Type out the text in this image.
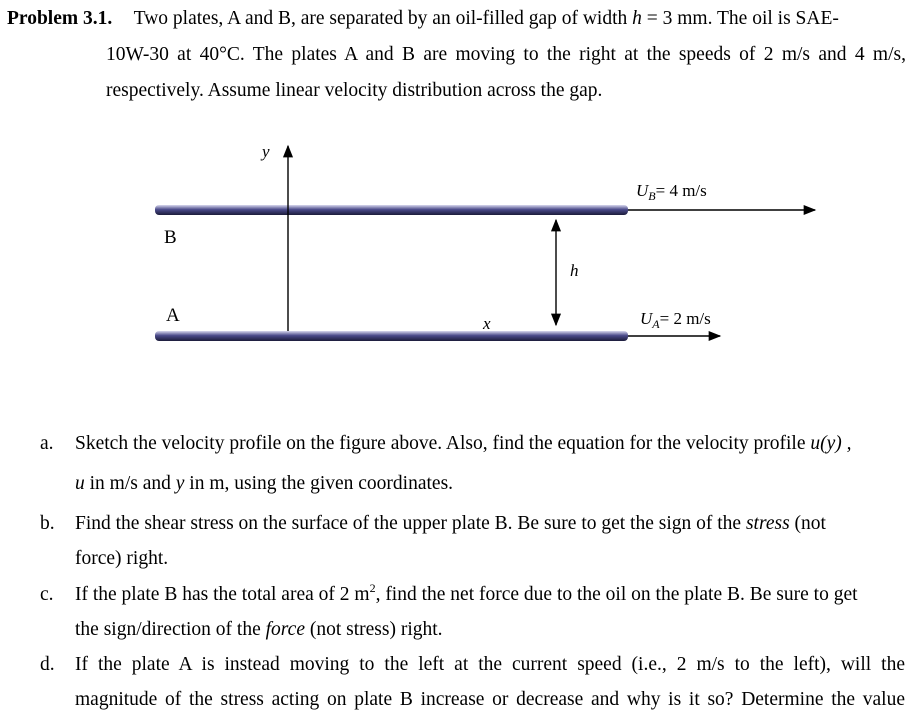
Problem 3.1. Two plates, A and B, are separated by an oil-filled gap of width h = 3 mm. The oil is SAE-
10W-30 at 40°C. The plates A and B are moving to the right at the speeds of 2 m/s and 4 m/s,
respectively. Assume linear velocity distribution across the gap.
y
h
B
A	x
$U_B= 4$ m/s
$U_A= 2$ m/s
a. Sketch the velocity profile on the figure above. Also, find the equation for the velocity profile u(y) ,
u in m/s and y in m, using the given coordinates.
b. Find the shear stress on the surface of the upper plate B. Be sure to get the sign of the stress (not
force) right.
c. If the plate B has the total area of 2 $m^2$, find the net force due to the oil on the plate B. Be sure to get
the sign/direction of the force (not stress) right.
d. If the plate A is instead moving to the left at the current speed (i.e., 2 m/s to the left), will the
magnitude of the stress acting on plate B increase or decrease and why is it so? Determine the value
